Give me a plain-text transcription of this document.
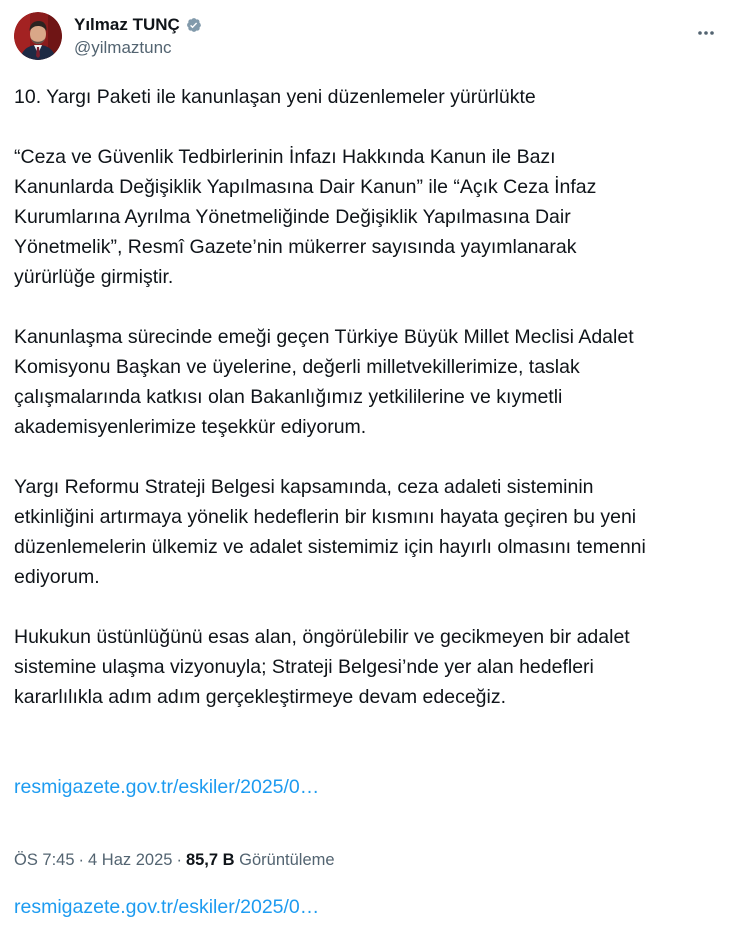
Yılmaz TUNÇ
@yilmaztunc

10. Yargı Paketi ile kanunlaşan yeni düzenlemeler yürürlükte

“Ceza ve Güvenlik Tedbirlerinin İnfazı Hakkında Kanun ile Bazı
Kanunlarda Değişiklik Yapılmasına Dair Kanun” ile “Açık Ceza İnfaz
Kurumlarına Ayrılma Yönetmeliğinde Değişiklik Yapılmasına Dair
Yönetmelik”, Resmî Gazete’nin mükerrer sayısında yayımlanarak
yürürlüğe girmiştir.

Kanunlaşma sürecinde emeği geçen Türkiye Büyük Millet Meclisi Adalet
Komisyonu Başkan ve üyelerine, değerli milletvekillerimize, taslak
çalışmalarında katkısı olan Bakanlığımız yetkililerine ve kıymetli
akademisyenlerimize teşekkür ediyorum.

Yargı Reformu Strateji Belgesi kapsamında, ceza adaleti sisteminin
etkinliğini artırmaya yönelik hedeflerin bir kısmını hayata geçiren bu yeni
düzenlemelerin ülkemiz ve adalet sistemimiz için hayırlı olmasını temenni
ediyorum.

Hukukun üstünlüğünü esas alan, öngörülebilir ve gecikmeyen bir adalet
sistemine ulaşma vizyonuyla; Strateji Belgesi’nde yer alan hedefleri
kararlılıkla adım adım gerçekleştirmeye devam edeceğiz.

resmigazete.gov.tr/eskiler/2025/0…

resmigazete.gov.tr/eskiler/2025/0…

ÖS 7:45 · 4 Haz 2025 · 85,7 B Görüntüleme
